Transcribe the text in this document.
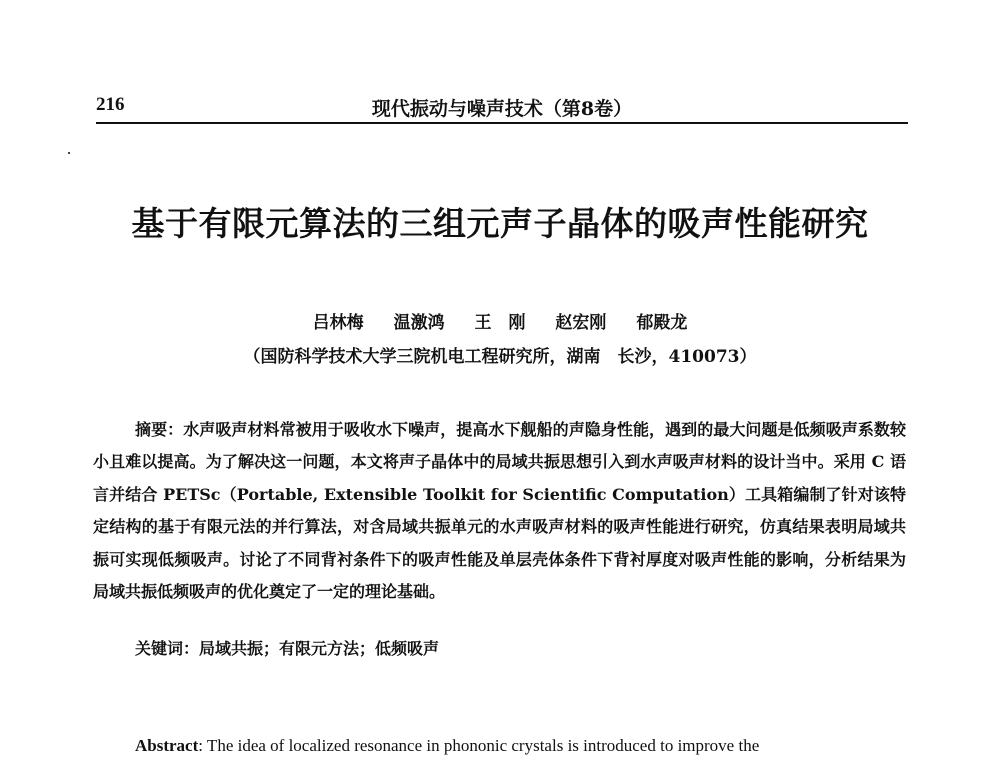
216	现代振动与噪声技术（第8卷）
基于有限元算法的三组元声子晶体的吸声性能研究
吕林梅 温激鸿 王　刚 赵宏刚 郁殿龙
（国防科学技术大学三院机电工程研究所，湖南　长沙，410073）

摘要：水声吸声材料常被用于吸收水下噪声，提高水下舰船的声隐身性能，遇到的最大问题是低频吸声系数较小且难以提高。为了解决这一问题，本文将声子晶体中的局域共振思想引入到水声吸声材料的设计当中。采用 C 语言并结合 PETSc（Portable, Extensible Toolkit for Scientific Computation）工具箱编制了针对该特定结构的基于有限元法的并行算法，对含局域共振单元的水声吸声材料的吸声性能进行研究，仿真结果表明局域共振可实现低频吸声。讨论了不同背衬条件下的吸声性能及单层壳体条件下背衬厚度对吸声性能的影响，分析结果为局域共振低频吸声的优化奠定了一定的理论基础。

关键词：局域共振；有限元方法；低频吸声

Abstract: The idea of localized resonance in phononic crystals is introduced to improve the
